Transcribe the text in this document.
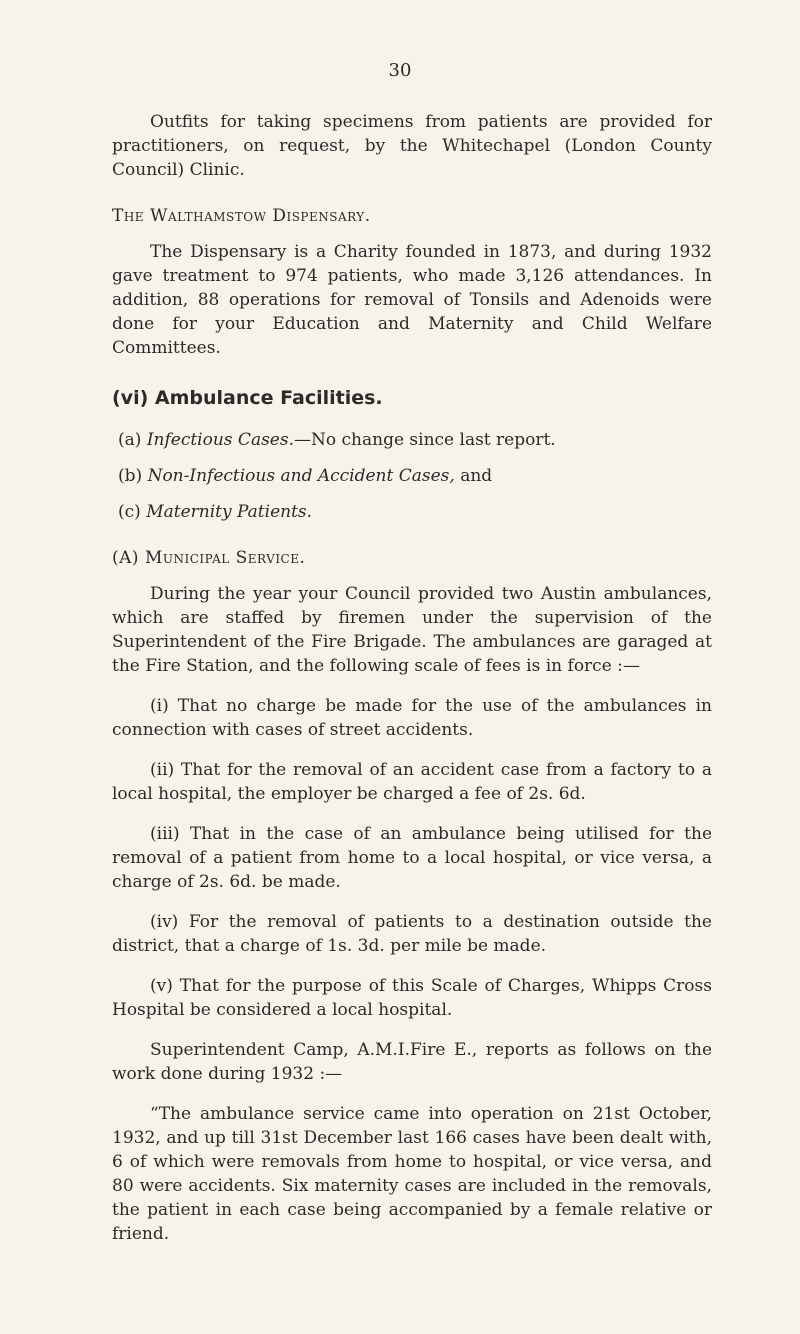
30

Outfits for taking specimens from patients are provided for practitioners, on request, by the Whitechapel (London County Council) Clinic.

The Walthamstow Dispensary.

The Dispensary is a Charity founded in 1873, and during 1932 gave treatment to 974 patients, who made 3,126 attendances. In addition, 88 operations for removal of Tonsils and Adenoids were done for your Education and Maternity and Child Welfare Committees.

(vi) Ambulance Facilities.

(a) Infectious Cases.—No change since last report.

(b) Non-Infectious and Accident Cases, and

(c) Maternity Patients.

(A) Municipal Service.

During the year your Council provided two Austin ambulances, which are staffed by firemen under the supervision of the Superintendent of the Fire Brigade. The ambulances are garaged at the Fire Station, and the following scale of fees is in force :—

(i) That no charge be made for the use of the ambulances in connection with cases of street accidents.

(ii) That for the removal of an accident case from a factory to a local hospital, the employer be charged a fee of 2s. 6d.

(iii) That in the case of an ambulance being utilised for the removal of a patient from home to a local hospital, or vice versa, a charge of 2s. 6d. be made.

(iv) For the removal of patients to a destination outside the district, that a charge of 1s. 3d. per mile be made.

(v) That for the purpose of this Scale of Charges, Whipps Cross Hospital be considered a local hospital.

Superintendent Camp, A.M.I.Fire E., reports as follows on the work done during 1932 :—

“The ambulance service came into operation on 21st October, 1932, and up till 31st December last 166 cases have been dealt with, 6 of which were removals from home to hospital, or vice versa, and 80 were accidents. Six maternity cases are included in the removals, the patient in each case being accompanied by a female relative or friend.
